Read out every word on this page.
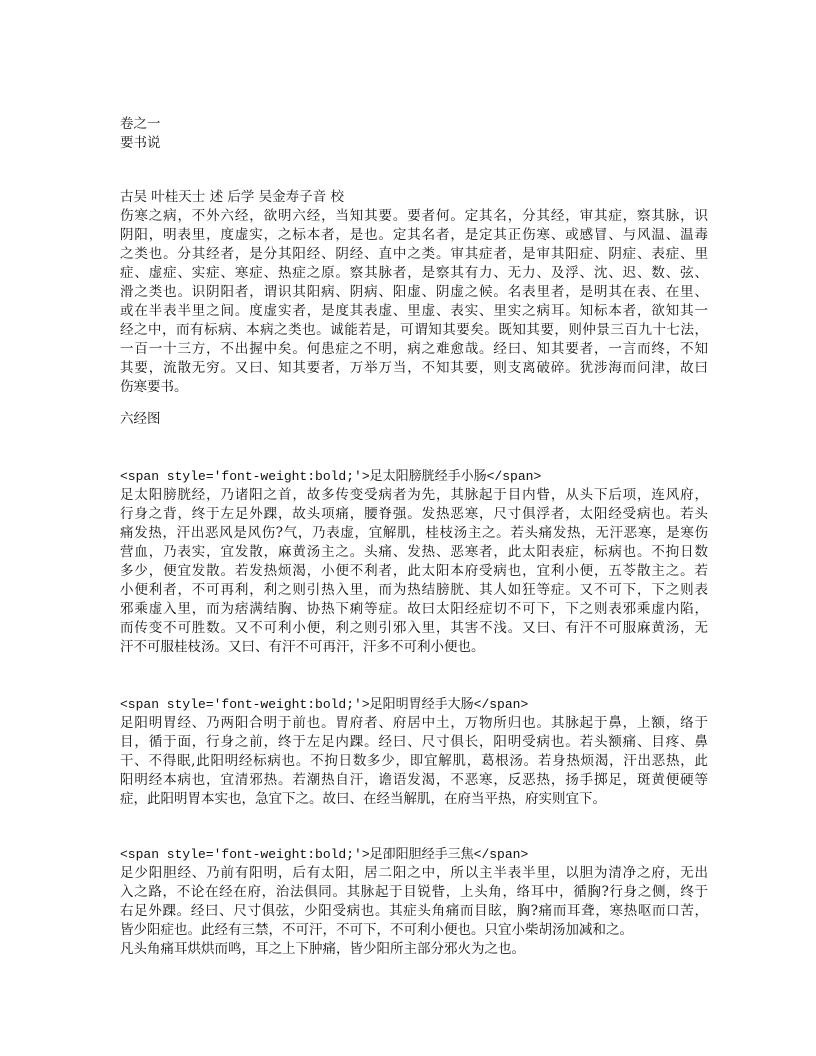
卷之一
要书说
古吴 叶桂天士 述 后学 吴金寿子音 校
伤寒之病，不外六经，欲明六经，当知其要。要者何。定其名，分其经，审其症，察其脉，识
阴阳，明表里，度虚实，之标本者，是也。定其名者，是定其正伤寒、或感冒、与风温、温毒
之类也。分其经者，是分其阳经、阴经、直中之类。审其症者，是审其阳症、阴症、表症、里
症、虚症、实症、寒症、热症之原。察其脉者，是察其有力、无力、及浮、沈、迟、数、弦、
滑之类也。识阴阳者，谓识其阳病、阴病、阳虚、阴虚之候。名表里者，是明其在表、在里、
或在半表半里之间。度虚实者，是度其表虚、里虚、表实、里实之病耳。知标本者，欲知其一
经之中，而有标病、本病之类也。诚能若是，可谓知其要矣。既知其要，则仲景三百九十七法，
一百一十三方，不出握中矣。何患症之不明，病之难愈哉。经曰、知其要者，一言而终，不知
其要，流散无穷。又曰、知其要者，万举万当，不知其要，则支离破碎。犹涉海而问津，故曰
伤寒要书。
六经图
<span style='font-weight:bold;'>足太阳膀胱经手小肠</span>
足太阳膀胱经，乃诸阳之首，故多传变受病者为先，其脉起于目内眥，从头下后项，连风府，
行身之背，终于左足外踝，故头项痛，腰脊强。发热恶寒，尺寸俱浮者，太阳经受病也。若头
痛发热，汗出恶风是风伤?气，乃表虚，宜解肌，桂枝汤主之。若头痛发热，无汗恶寒，是寒伤
营血，乃表实，宜发散，麻黄汤主之。头痛、发热、恶寒者，此太阳表症，标病也。不拘日数
多少，便宜发散。若发热烦渴，小便不利者，此太阳本府受病也，宜利小便，五苓散主之。若
小便利者，不可再利，利之则引热入里，而为热结膀胱、其人如狂等症。又不可下，下之则表
邪乘虚入里，而为痞满结胸、协热下痢等症。故曰太阳经症切不可下，下之则表邪乘虚内陷，
而传变不可胜数。又不可利小便，利之则引邪入里，其害不浅。又曰、有汗不可服麻黄汤，无
汗不可服桂枝汤。又曰、有汗不可再汗，汗多不可利小便也。
<span style='font-weight:bold;'>足阳明胃经手大肠</span>
足阳明胃经、乃两阳合明于前也。胃府者、府居中土，万物所归也。其脉起于鼻，上额，络于
目，循于面，行身之前，终于左足内踝。经曰、尺寸俱长，阳明受病也。若头额痛、目疼、鼻
干、不得眠,此阳明经标病也。不拘日数多少，即宜解肌，葛根汤。若身热烦渴，汗出恶热，此
阳明经本病也，宜清邪热。若潮热自汗，谵语发渴，不恶寒，反恶热，扬手掷足，斑黄便硬等
症，此阳明胃本实也，急宜下之。故曰、在经当解肌，在府当平热，府实则宜下。
<span style='font-weight:bold;'>足卲阳胆经手三焦</span>
足少阳胆经、乃前有阳明，后有太阳，居二阳之中，所以主半表半里，以胆为清净之府，无出
入之路，不论在经在府，治法俱同。其脉起于目锐眥，上头角，络耳中，循胸?行身之侧，终于
右足外踝。经曰、尺寸俱弦，少阳受病也。其症头角痛而目眩，胸?痛而耳聋，寒热呕而口苦，
皆少阳症也。此经有三禁，不可汗，不可下，不可利小便也。只宜小柴胡汤加减和之。
凡头角痛耳烘烘而鸣，耳之上下肿痛，皆少阳所主部分邪火为之也。
